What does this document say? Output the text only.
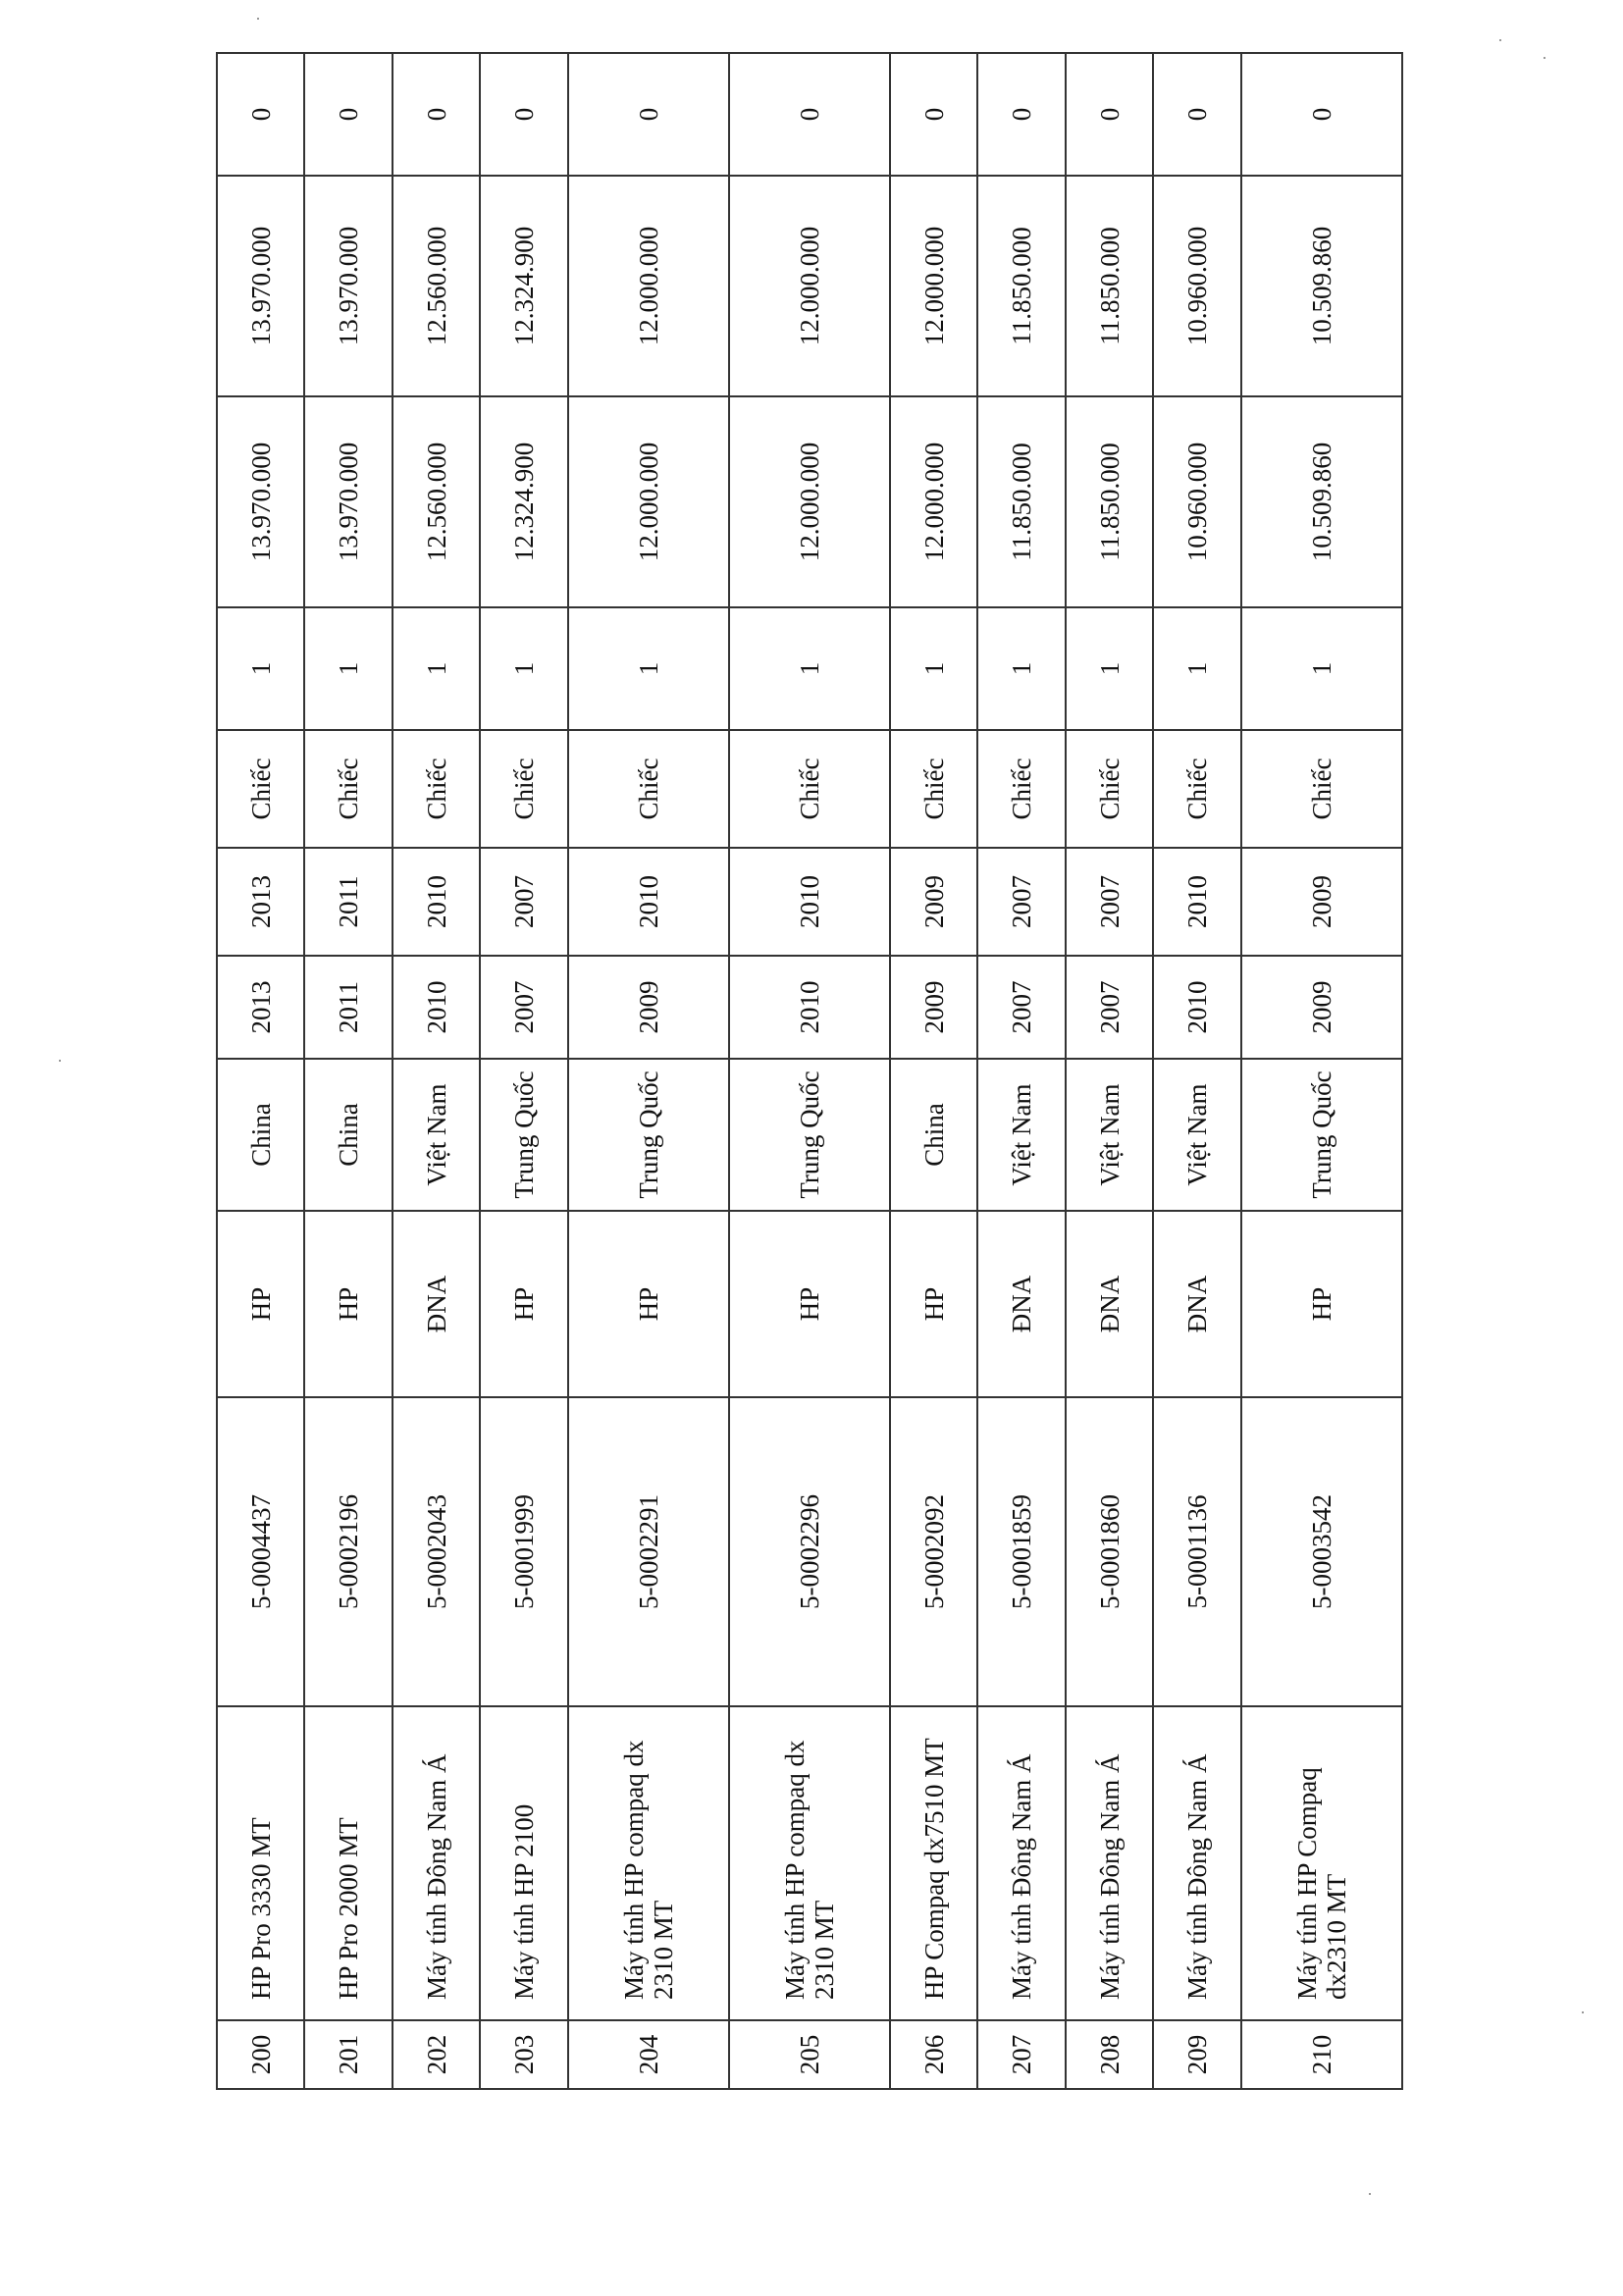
200	HP Pro 3330 MT	5-0004437	HP	China	2013	2013	Chiếc	1	13.970.000	13.970.000	0
201	HP Pro 2000 MT	5-0002196	HP	China	2011	2011	Chiếc	1	13.970.000	13.970.000	0
202	Máy tính Đông Nam Á	5-0002043	ĐNA	Việt Nam	2010	2010	Chiếc	1	12.560.000	12.560.000	0
203	Máy tính HP 2100	5-0001999	HP	Trung Quốc	2007	2007	Chiếc	1	12.324.900	12.324.900	0
204	Máy tính HP compaq dx 2310 MT	5-0002291	HP	Trung Quốc	2009	2010	Chiếc	1	12.000.000	12.000.000	0
205	Máy tính HP compaq dx 2310 MT	5-0002296	HP	Trung Quốc	2010	2010	Chiếc	1	12.000.000	12.000.000	0
206	HP Compaq dx7510 MT	5-0002092	HP	China	2009	2009	Chiếc	1	12.000.000	12.000.000	0
207	Máy tính Đông Nam Á	5-0001859	ĐNA	Việt Nam	2007	2007	Chiếc	1	11.850.000	11.850.000	0
208	Máy tính Đông Nam Á	5-0001860	ĐNA	Việt Nam	2007	2007	Chiếc	1	11.850.000	11.850.000	0
209	Máy tính Đông Nam Á	5-0001136	ĐNA	Việt Nam	2010	2010	Chiếc	1	10.960.000	10.960.000	0
210	Máy tính HP Compaq dx2310 MT	5-0003542	HP	Trung Quốc	2009	2009	Chiếc	1	10.509.860	10.509.860	0
